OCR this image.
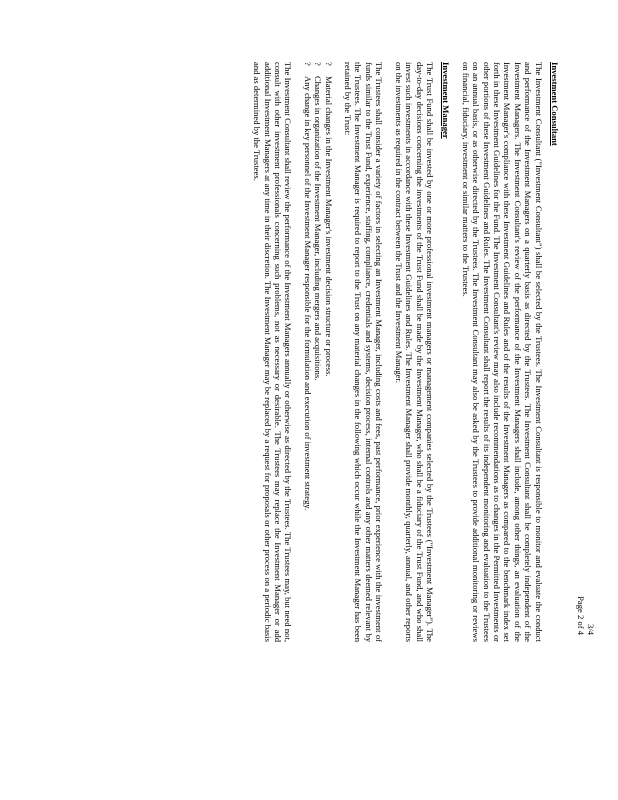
3/4
Page 2 of 4
Investment Consultant

The Investment Consultant ("Investment Consultant") shall be selected by the Trustees. The Investment Consultant is responsible to monitor and evaluate the conduct and performance of the Investment Managers on a quarterly basis as directed by the Trustees. The Investment Consultant shall be completely independent of the Investment Managers. The Investment Consultant's review of the performance of the Investment Managers shall include, among other things, an evaluation of the Investment Manager's compliance with these Investment Guidelines and Rules and of the results of the Investment Managers as compared to the benchmark index set forth in these Investment Guidelines for the Fund. The Investment Consultant's review may also include recommendations as to changes in the Permitted Investments or other portions of these Investment Guidelines and Rules. The Investment Consultant shall report the results of its independent monitoring and evaluation to the Trustees on an annual basis, or as otherwise directed by the Trustees. The Investment Consultant may also be asked by the Trustees to provide additional monitoring or reviews on financial, fiduciary, investment or similar matters to the Trustees.

Investment Manager

The Trust Fund shall be invested by one or more professional investment managers or management companies selected by the Trustees ("Investment Manager"). The day-to-day decisions concerning the investments of the Trust Fund shall be made by the Investment Manager, who shall be a fiduciary of the Trust Fund, and who shall invest such investments in accordance with these Investment Guidelines and Rules. The Investment Manager shall provide monthly, quarterly, annual, and other reports on the investments as required in the contract between the Trust and the Investment Manager.

The Trustees shall consider a variety of factors in selecting an Investment Manager, including costs and fees, past performance, prior experience with the investment of funds similar to the Trust Fund, experience, staffing, compliance, credentials and systems, decision process, internal controls and any other matters deemed relevant by the Trustees. The Investment Manager is required to report to the Trust on any material changes in the following which occur while the Investment Manager has been retained by the Trust:

?
Material changes in the Investment Manager's investment decision structure or process.
?
Changes in organization of the Investment Manager, including mergers and acquisitions.
?
Any change in key personnel of the Investment Manager responsible for the formulation and execution of investment strategy.

The Investment Consultant shall review the performance of the Investment Managers annually or otherwise as directed by the Trustees. The Trustees may, but need not, consult with other investment professionals concerning such problems, not as necessary or desirable. The Trustees may replace the Investment Manager or add additional Investment Managers at any time in their discretion. The Investment Manager may be replaced by a request for proposals or other process on a periodic basis and as determined by the Trustees.
